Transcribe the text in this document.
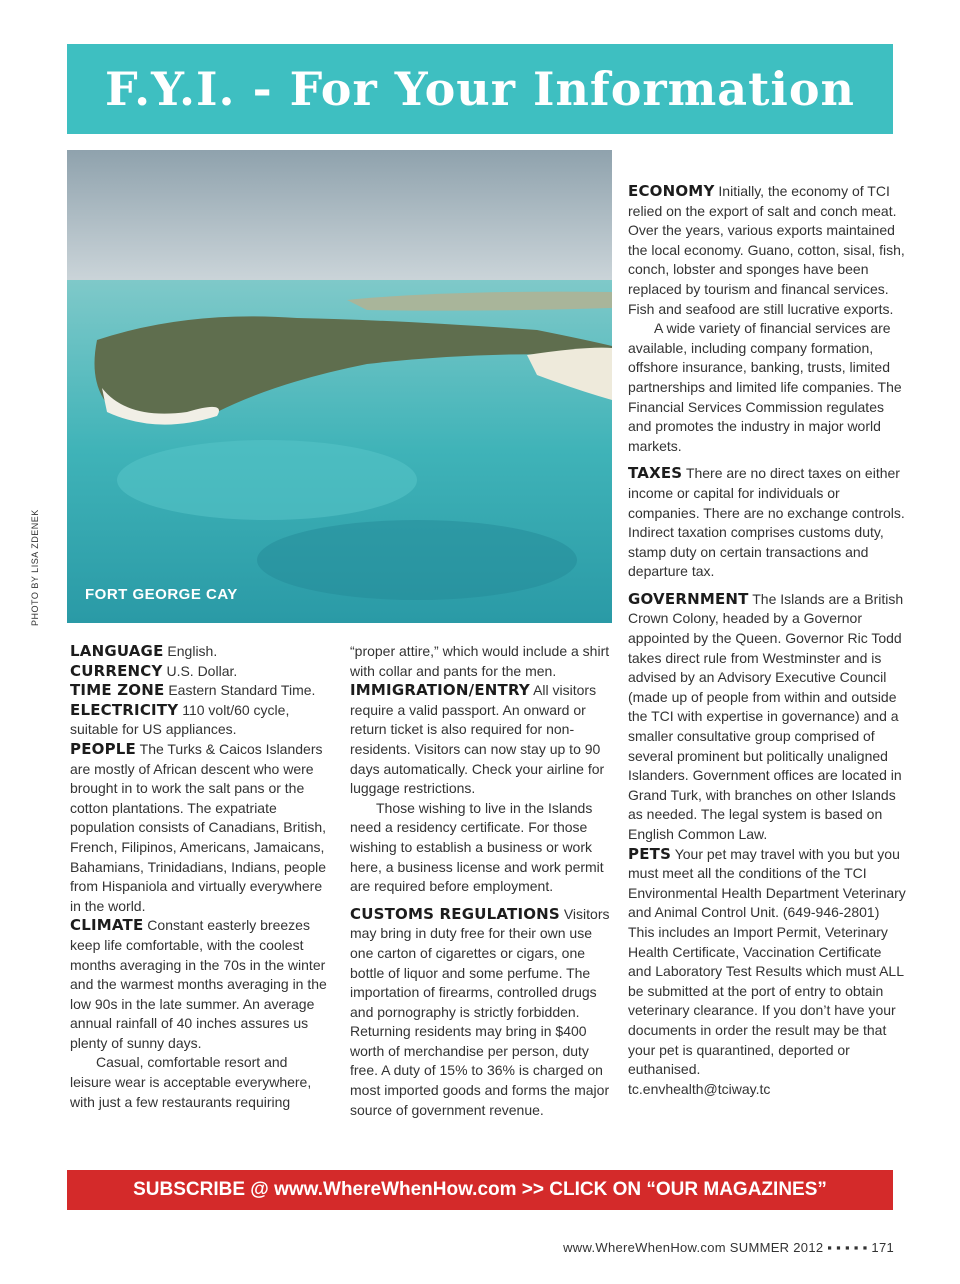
F.Y.I. - For Your Information
FORT GEORGE CAY
PHOTO BY LISA ZDENEK

LANGUAGE English.

CURRENCY U.S. Dollar.

TIME ZONE Eastern Standard Time.

ELECTRICITY 110 volt/60 cycle, suitable for US appliances.

PEOPLE The Turks & Caicos Islanders are mostly of African descent who were brought in to work the salt pans or the cotton plantations. The expatriate population consists of Canadians, British, French, Filipinos, Americans, Jamaicans, Bahamians, Trinidadians, Indians, people from Hispaniola and virtually everywhere in the world.

CLIMATE Constant easterly breezes keep life comfortable, with the coolest months averaging in the 70s in the winter and the warmest months averaging in the low 90s in the late summer. An average annual rainfall of 40 inches assures us plenty of sunny days.

Casual, comfortable resort and leisure wear is acceptable everywhere, with just a few restaurants requiring

“proper attire,” which would include a shirt with collar and pants for the men.

IMMIGRATION/ENTRY All visitors require a valid passport. An onward or return ticket is also required for non-residents. Visitors can now stay up to 90 days automatically. Check your airline for luggage restrictions.

Those wishing to live in the Islands need a residency certificate. For those wishing to establish a business or work here, a business license and work permit are required before employment.

CUSTOMS REGULATIONS Visitors may bring in duty free for their own use one carton of cigarettes or cigars, one bottle of liquor and some perfume. The importation of firearms, controlled drugs and pornography is strictly forbidden. Returning residents may bring in $400 worth of merchandise per person, duty free. A duty of 15% to 36% is charged on most imported goods and forms the major source of government revenue.

ECONOMY Initially, the economy of TCI relied on the export of salt and conch meat. Over the years, various exports maintained the local economy. Guano, cotton, sisal, fish, conch, lobster and sponges have been replaced by tourism and financal services. Fish and seafood are still lucrative exports.

A wide variety of financial services are available, including company formation, offshore insurance, banking, trusts, limited partnerships and limited life companies. The Financial Services Commission regulates and promotes the industry in major world markets.

TAXES There are no direct taxes on either income or capital for individuals or companies. There are no exchange controls. Indirect taxation comprises customs duty, stamp duty on certain transactions and departure tax.

GOVERNMENT The Islands are a British Crown Colony, headed by a Governor appointed by the Queen. Governor Ric Todd takes direct rule from Westminster and is advised by an Advisory Executive Council (made up of people from within and outside the TCI with expertise in governance) and a smaller consultative group comprised of several prominent but politically unaligned Islanders. Government offices are located in Grand Turk, with branches on other Islands as needed. The legal system is based on English Common Law.

PETS Your pet may travel with you but you must meet all the conditions of the TCI Environmental Health Department Veterinary and Animal Control Unit. (649-946-2801) This includes an Import Permit, Veterinary Health Certificate, Vaccination Certificate and Laboratory Test Results which must ALL be submitted at the port of entry to obtain veterinary clearance. If you don’t have your documents in order the result may be that your pet is quarantined, deported or euthanised.

tc.envhealth@tciway.tc

SUBSCRIBE @ www.WhereWhenHow.com >> CLICK ON “OUR MAGAZINES”
www.WhereWhenHow.com SUMMER 2012 ▪ ▪ ▪ ▪ ▪ 171
